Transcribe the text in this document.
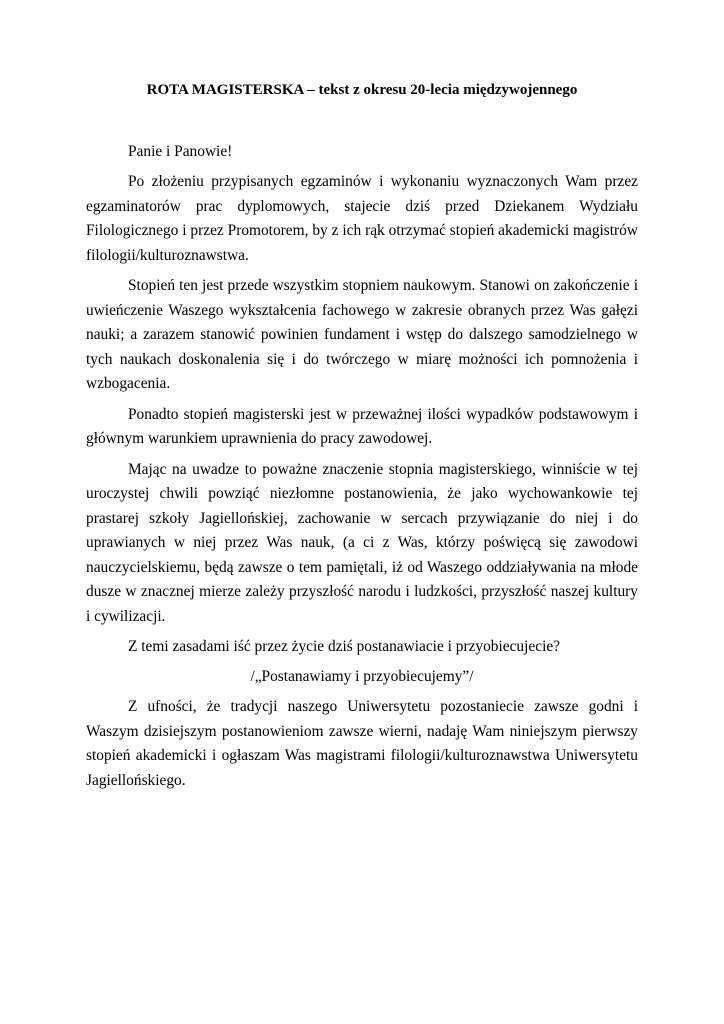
ROTA MAGISTERSKA – tekst z okresu 20-lecia międzywojennego

Panie i Panowie!

Po złożeniu przypisanych egzaminów i wykonaniu wyznaczonych Wam przez egzaminatorów prac dyplomowych, stajecie dziś przed Dziekanem Wydziału Filologicznego i przez Promotorem, by z ich rąk otrzymać stopień akademicki magistrów filologii/kulturoznawstwa.

Stopień ten jest przede wszystkim stopniem naukowym. Stanowi on zakończenie i uwieńczenie Waszego wykształcenia fachowego w zakresie obranych przez Was gałęzi nauki; a zarazem stanowić powinien fundament i wstęp do dalszego samodzielnego w tych naukach doskonalenia się i do twórczego w miarę możności ich pomnożenia i wzbogacenia.

Ponadto stopień magisterski jest w przeważnej ilości wypadków podstawowym i głównym warunkiem uprawnienia do pracy zawodowej.

Mając na uwadze to poważne znaczenie stopnia magisterskiego, winniście w tej uroczystej chwili powziąć niezłomne postanowienia, że jako wychowankowie tej prastarej szkoły Jagiellońskiej, zachowanie w sercach przywiązanie do niej i do uprawianych w niej przez Was nauk, (a ci z Was, którzy poświęcą się zawodowi nauczycielskiemu, będą zawsze o tem pamiętali, iż od Waszego oddziaływania na młode dusze w znacznej mierze zależy przyszłość narodu i ludzkości, przyszłość naszej kultury i cywilizacji.

Z temi zasadami iść przez życie dziś postanawiacie i przyobiecujecie?

/„Postanawiamy i przyobiecujemy”/

Z ufności, że tradycji naszego Uniwersytetu pozostaniecie zawsze godni i Waszym dzisiejszym postanowieniom zawsze wierni, nadaję Wam niniejszym pierwszy stopień akademicki i ogłaszam Was magistrami filologii/kulturoznawstwa Uniwersytetu Jagiellońskiego.
